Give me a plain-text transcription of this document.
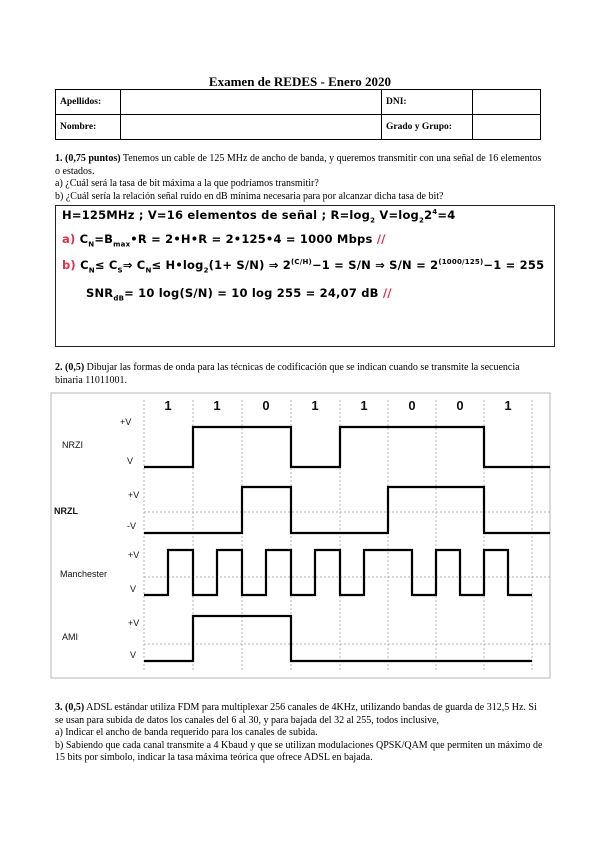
Examen de REDES - Enero 2020
Apellidos:		DNI:	
Nombre:		Grado y Grupo:	
1. (0,75 puntos) Tenemos un cable de 125 MHz de ancho de banda, y queremos transmitir con una señal de 16 elementos o estados.
a) ¿Cuál será la tasa de bit máxima a la que podríamos transmitir?
b) ¿Cuál sería la relación señal ruido en dB mínima necesaria para por alcanzar dicha tasa de bit?
H=125MHz ; V=16 elementos de señal ; $R=\log_2$ $V=\log_22^4=4$
a) $C_N=B_{max}•R$ = 2•H•R = 2•125•4 = 1000 Mbps //
b) $C_N\le$ $C_S\Rightarrow$ $C_N\le$ $H•\log_2(1+ S/N)$ ⇒ $2^{(C/H)}-1 = S/N$ ⇒ $S/N = 2^{(1000/125)}-1 = 255$
$SNR_{dB}= 10$ log(S/N) = 10 log 255 = 24,07 dB //
2. (0,5) Dibujar las formas de onda para las técnicas de codificación que se indican cuando se transmite la secuencia binaria 11011001.
1	1	0	1	1	0	0	1
NRZI
+V
V
NRZL
+V
-V
Manchester
+V
V
AMI
+V
V
3. (0,5) ADSL estándar utiliza FDM para multiplexar 256 canales de 4KHz, utilizando bandas de guarda de 312,5 Hz. Si se usan para subida de datos los canales del 6 al 30, y para bajada del 32 al 255, todos inclusive,
a) Indicar el ancho de banda requerido para los canales de subida.
b) Sabiendo que cada canal transmite a 4 Kbaud y que se utilizan modulaciones QPSK/QAM que permiten un máximo de 15 bits por símbolo, indicar la tasa máxima teórica que ofrece ADSL en bajada.
